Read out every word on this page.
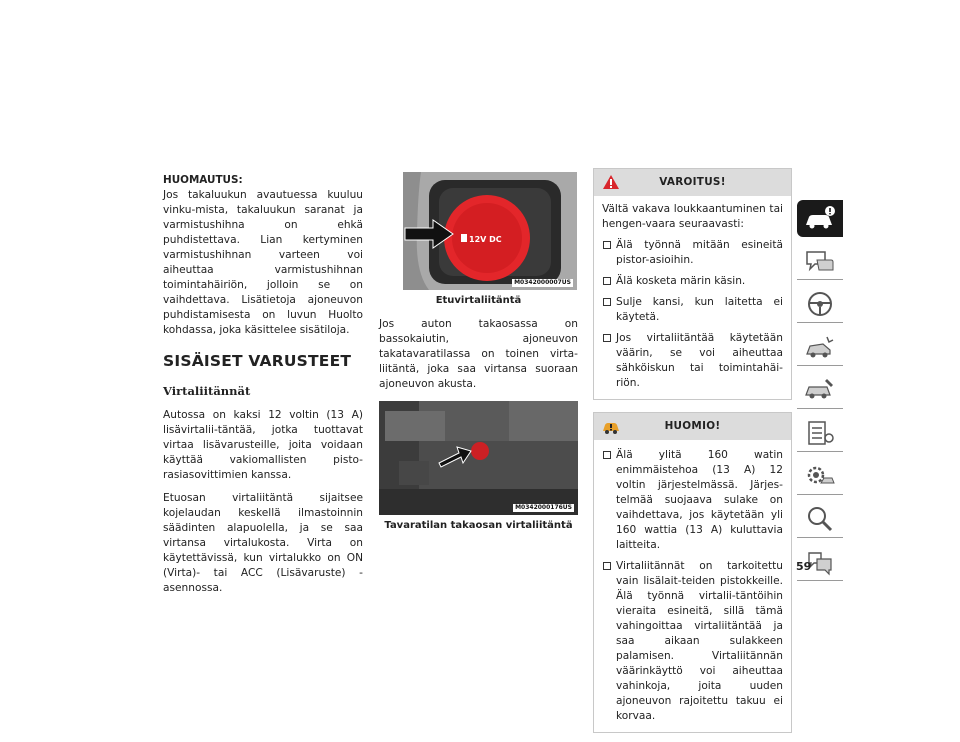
HUOMAUTUS:
Jos takaluukun avautuessa kuuluu vinku-mista, takaluukun saranat ja varmistushihna on ehkä puhdistettava. Lian kertyminen varmistushihnan varteen voi aiheuttaa varmistushihnan toimintahäiriön, jolloin se on vaihdettava. Lisätietoja ajoneuvon puhdistamisesta on luvun Huolto kohdassa, joka käsittelee sisätiloja.
SISÄISET VARUSTEET
Virtaliitännät
Autossa on kaksi 12 voltin (13 A) lisävirtalii-täntää, jotka tuottavat virtaa lisävarusteille, joita voidaan käyttää vakiomallisten pisto-rasiasovittimien kanssa.
Etuosan virtaliitäntä sijaitsee kojelaudan keskellä ilmastoinnin säädinten alapuolella, ja se saa virtansa virtalukosta. Virta on käytettävissä, kun virtalukko on ON (Virta)- tai ACC (Lisävaruste) -asennossa.
12V DC
M0342000007US
Etuvirtaliitäntä
Jos auton takaosassa on bassokaiutin, ajoneuvon takatavaratilassa on toinen virta-liitäntä, joka saa virtansa suoraan ajoneuvon akusta.
M0342000176US
Tavaratilan takaosan virtaliitäntä
VAROITUS!

Vältä vakava loukkaantuminen tai hengen-vaara seuraavasti:

Älä työnnä mitään esineitä pistor-asioihin.
Älä kosketa märin käsin.
Sulje kansi, kun laitetta ei käytetä.
Jos virtaliitäntää käytetään väärin, se voi aiheuttaa sähköiskun tai toimintahäi-riön.
HUOMIO!
Älä ylitä 160 watin enimmäistehoa (13 A) 12 voltin järjestelmässä. Järjes-telmää suojaava sulake on vaihdettava, jos käytetään yli 160 wattia (13 A) kuluttavia laitteita.
Virtaliitännät on tarkoitettu vain lisälait-teiden pistokkeille. Älä työnnä virtalii-täntöihin vieraita esineitä, sillä tämä vahingoittaa virtaliitäntää ja saa aikaan sulakkeen palamisen. Virtaliitännän väärinkäyttö voi aiheuttaa vahinkoja, joita uuden ajoneuvon rajoitettu takuu ei korvaa.
59
